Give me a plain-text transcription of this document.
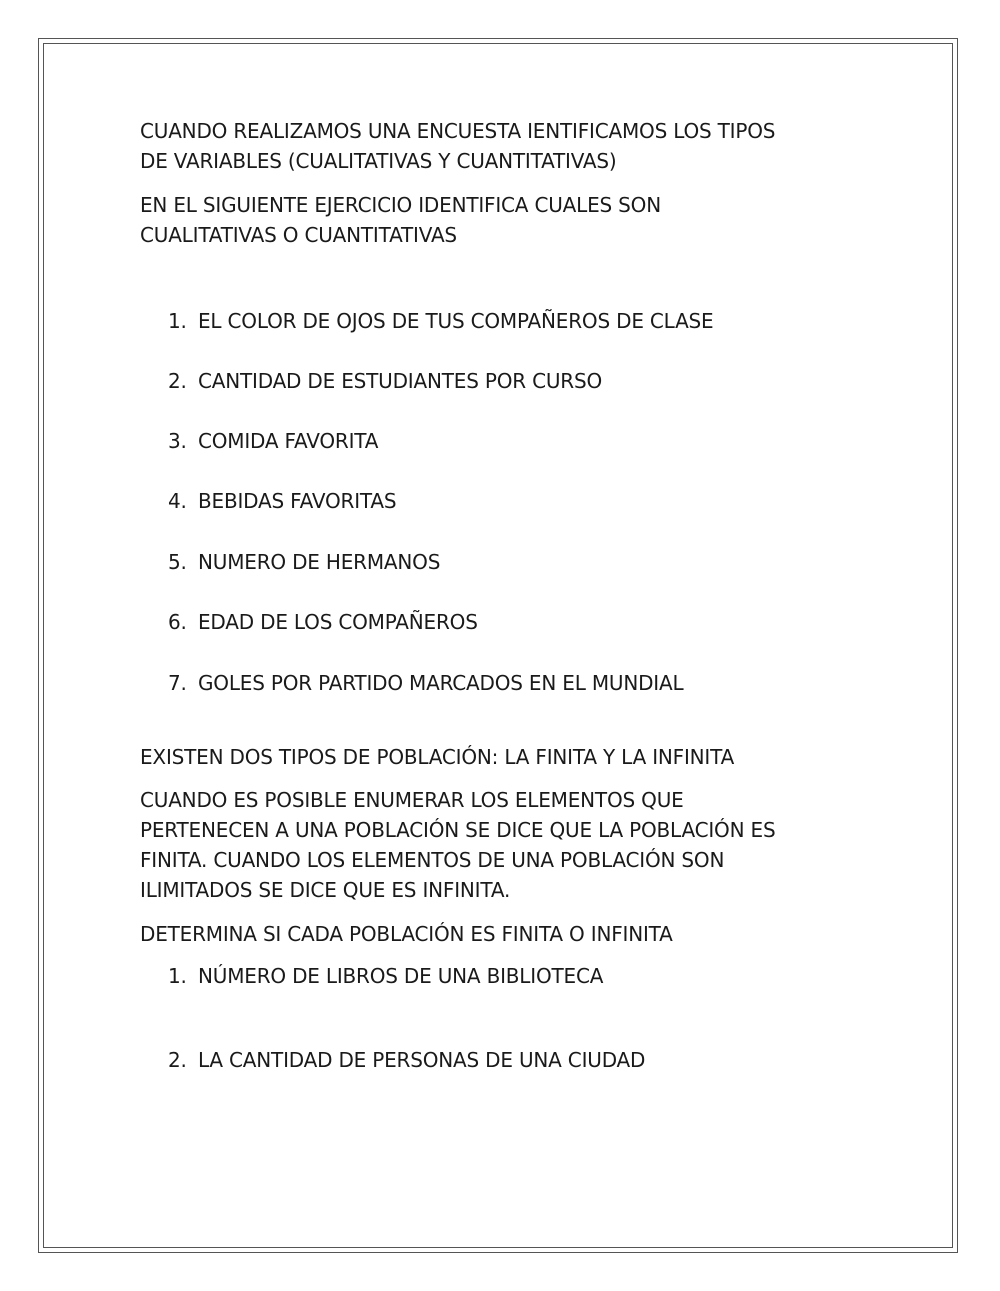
CUANDO REALIZAMOS UNA ENCUESTA IENTIFICAMOS LOS TIPOS

DE VARIABLES (CUALITATIVAS Y CUANTITATIVAS)

EN EL SIGUIENTE EJERCICIO IDENTIFICA CUALES SON

CUALITATIVAS O CUANTITATIVAS

1. EL COLOR DE OJOS DE TUS COMPAÑEROS DE CLASE
2. CANTIDAD DE ESTUDIANTES POR CURSO
3. COMIDA FAVORITA
4. BEBIDAS FAVORITAS
5. NUMERO DE HERMANOS
6. EDAD DE LOS COMPAÑEROS
7. GOLES POR PARTIDO MARCADOS EN EL MUNDIAL

EXISTEN DOS TIPOS DE POBLACIÓN: LA FINITA Y LA INFINITA

CUANDO ES POSIBLE ENUMERAR LOS ELEMENTOS QUE

PERTENECEN A UNA POBLACIÓN SE DICE QUE LA POBLACIÓN ES

FINITA. CUANDO LOS ELEMENTOS DE UNA POBLACIÓN SON

ILIMITADOS SE DICE QUE ES INFINITA.

DETERMINA SI CADA POBLACIÓN ES FINITA O INFINITA

1. NÚMERO DE LIBROS DE UNA BIBLIOTECA
2. LA CANTIDAD DE PERSONAS DE UNA CIUDAD
